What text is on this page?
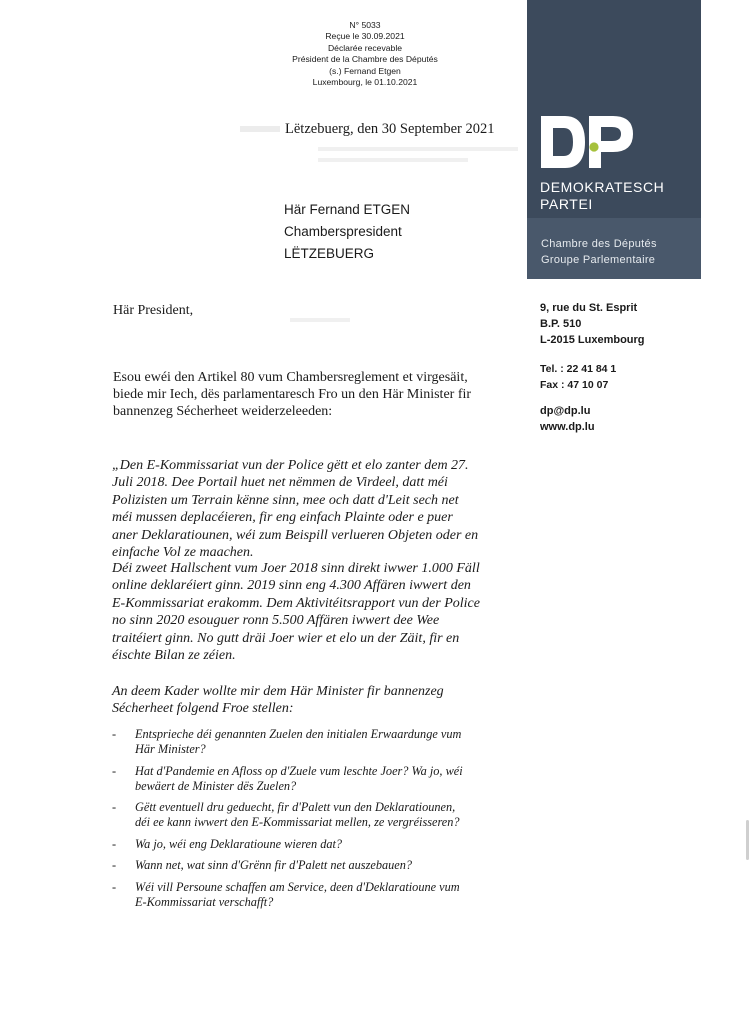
N° 5033
Reçue le 30.09.2021
Déclarée recevable
Président de la Chambre des Députés
(s.) Fernand Etgen
Luxembourg, le 01.10.2021
Lëtzebuerg, den 30 September 2021
Här Fernand ETGEN
Chamberspresident
LËTZEBUERG
DEMOKRATESCH
PARTEI
Chambre des Députés
Groupe Parlementaire
9, rue du St. Esprit
B.P. 510
L-2015 Luxembourg
Tel. : 22 41 84 1
Fax : 47 10 07
dp@dp.lu
www.dp.lu
Här President,
Esou ewéi den Artikel 80 vum Chambersreglement et virgesäit,
biede mir Iech, dës parlamentaresch Fro un den Här Minister fir
bannenzeg Sécherheet weiderzeleeden:
„Den E-Kommissariat vun der Police gëtt et elo zanter dem 27.
Juli 2018. Dee Portail huet net nëmmen de Virdeel, datt méi
Polizisten um Terrain kënne sinn, mee och datt d'Leit sech net
méi mussen deplacéieren, fir eng einfach Plainte oder e puer
aner Deklaratiounen, wéi zum Beispill verlueren Objeten oder en
einfache Vol ze maachen.
Déi zweet Hallschent vum Joer 2018 sinn direkt iwwer 1.000 Fäll
online deklaréiert ginn. 2019 sinn eng 4.300 Affären iwwert den
E-Kommissariat erakomm. Dem Aktivitéitsrapport vun der Police
no sinn 2020 esouguer ronn 5.500 Affären iwwert dee Wee
traitéiert ginn. No gutt dräi Joer wier et elo un der Zäit, fir en
éischte Bilan ze zéien.
An deem Kader wollte mir dem Här Minister fir bannenzeg
Sécherheet folgend Froe stellen:
- Entsprieche déi genannten Zuelen den initialen Erwaardunge vum
Här Minister?
- Hat d'Pandemie en Afloss op d'Zuele vum leschte Joer? Wa jo, wéi
bewäert de Minister dës Zuelen?
- Gëtt eventuell dru geduecht, fir d'Palett vun den Deklaratiounen,
déi ee kann iwwert den E-Kommissariat mellen, ze vergréisseren?
- Wa jo, wéi eng Deklaratioune wieren dat?
- Wann net, wat sinn d'Grënn fir d'Palett net auszebauen?
- Wéi vill Persoune schaffen am Service, deen d'Deklaratioune vum
E-Kommissariat verschafft?
